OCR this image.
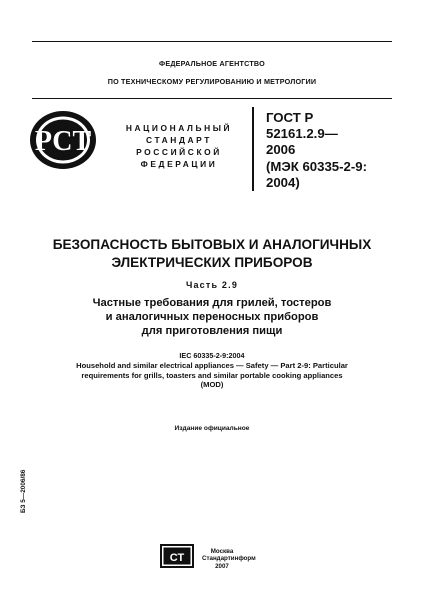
ФЕДЕРАЛЬНОЕ АГЕНТСТВО
ПО ТЕХНИЧЕСКОМУ РЕГУЛИРОВАНИЮ И МЕТРОЛОГИИ
РСТ	НАЦИОНАЛЬНЫЙ
СТАНДАРТ
РОССИЙСКОЙ
ФЕДЕРАЦИИ
ГОСТ Р
52161.2.9—
2006
(МЭК 60335-2-9:
2004)
БЕЗОПАСНОСТЬ БЫТОВЫХ И АНАЛОГИЧНЫХ
ЭЛЕКТРИЧЕСКИХ ПРИБОРОВ
Часть 2.9
Частные требования для грилей, тостеров
и аналогичных переносных приборов
для приготовления пищи
IEC 60335-2-9:2004
Household and similar electrical appliances — Safety — Part 2-9: Particular
requirements for grills, toasters and similar portable cooking appliances
(MOD)
Издание официальное
БЗ 5—2006/86
СТ
Москва
Стандартинформ
2007
